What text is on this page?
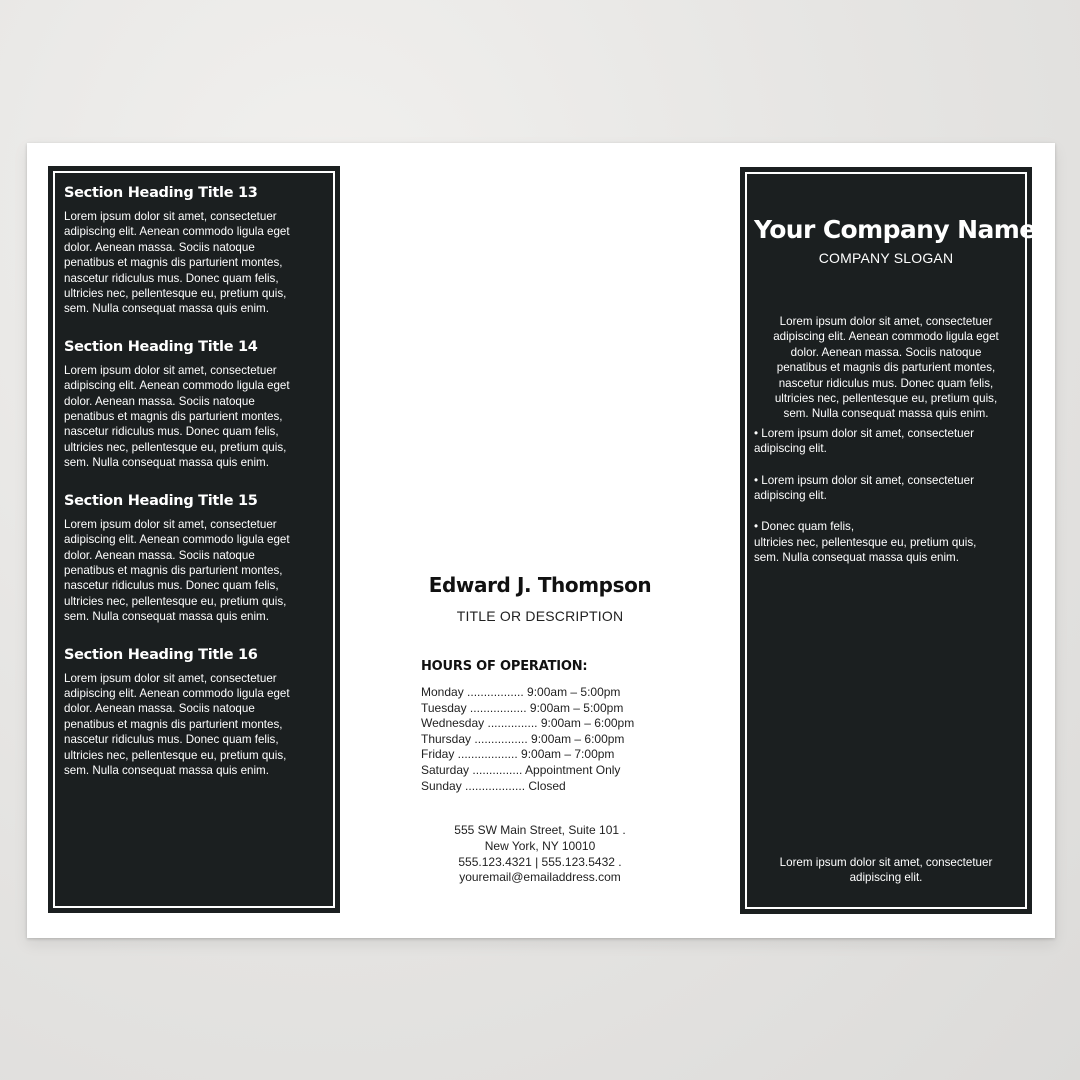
Section Heading Title 13

Lorem ipsum dolor sit amet, consectetuer
adipiscing elit. Aenean commodo ligula eget
dolor. Aenean massa. Sociis natoque
penatibus et magnis dis parturient montes,
nascetur ridiculus mus. Donec quam felis,
ultricies nec, pellentesque eu, pretium quis,
sem. Nulla consequat massa quis enim.

Section Heading Title 14

Lorem ipsum dolor sit amet, consectetuer
adipiscing elit. Aenean commodo ligula eget
dolor. Aenean massa. Sociis natoque
penatibus et magnis dis parturient montes,
nascetur ridiculus mus. Donec quam felis,
ultricies nec, pellentesque eu, pretium quis,
sem. Nulla consequat massa quis enim.

Section Heading Title 15

Lorem ipsum dolor sit amet, consectetuer
adipiscing elit. Aenean commodo ligula eget
dolor. Aenean massa. Sociis natoque
penatibus et magnis dis parturient montes,
nascetur ridiculus mus. Donec quam felis,
ultricies nec, pellentesque eu, pretium quis,
sem. Nulla consequat massa quis enim.

Section Heading Title 16

Lorem ipsum dolor sit amet, consectetuer
adipiscing elit. Aenean commodo ligula eget
dolor. Aenean massa. Sociis natoque
penatibus et magnis dis parturient montes,
nascetur ridiculus mus. Donec quam felis,
ultricies nec, pellentesque eu, pretium quis,
sem. Nulla consequat massa quis enim.

Edward J. Thompson
TITLE OR DESCRIPTION
HOURS OF OPERATION:
Monday ................. 9:00am – 5:00pm
Tuesday ................. 9:00am – 5:00pm
Wednesday ............... 9:00am – 6:00pm
Thursday ................ 9:00am – 6:00pm
Friday .................. 9:00am – 7:00pm
Saturday ............... Appointment Only
Sunday .................. Closed
555 SW Main Street, Suite 101 .
New York, NY 10010
555.123.4321 | 555.123.5432 .
youremail@emailaddress.com
Your Company Name
COMPANY SLOGAN
Lorem ipsum dolor sit amet, consectetuer
adipiscing elit. Aenean commodo ligula eget
dolor. Aenean massa. Sociis natoque
penatibus et magnis dis parturient montes,
nascetur ridiculus mus. Donec quam felis,
ultricies nec, pellentesque eu, pretium quis,
sem. Nulla consequat massa quis enim.
• Lorem ipsum dolor sit amet, consectetuer
adipiscing elit.
• Lorem ipsum dolor sit amet, consectetuer
adipiscing elit.
• Donec quam felis,
ultricies nec, pellentesque eu, pretium quis,
sem. Nulla consequat massa quis enim.
Lorem ipsum dolor sit amet, consectetuer
adipiscing elit.
